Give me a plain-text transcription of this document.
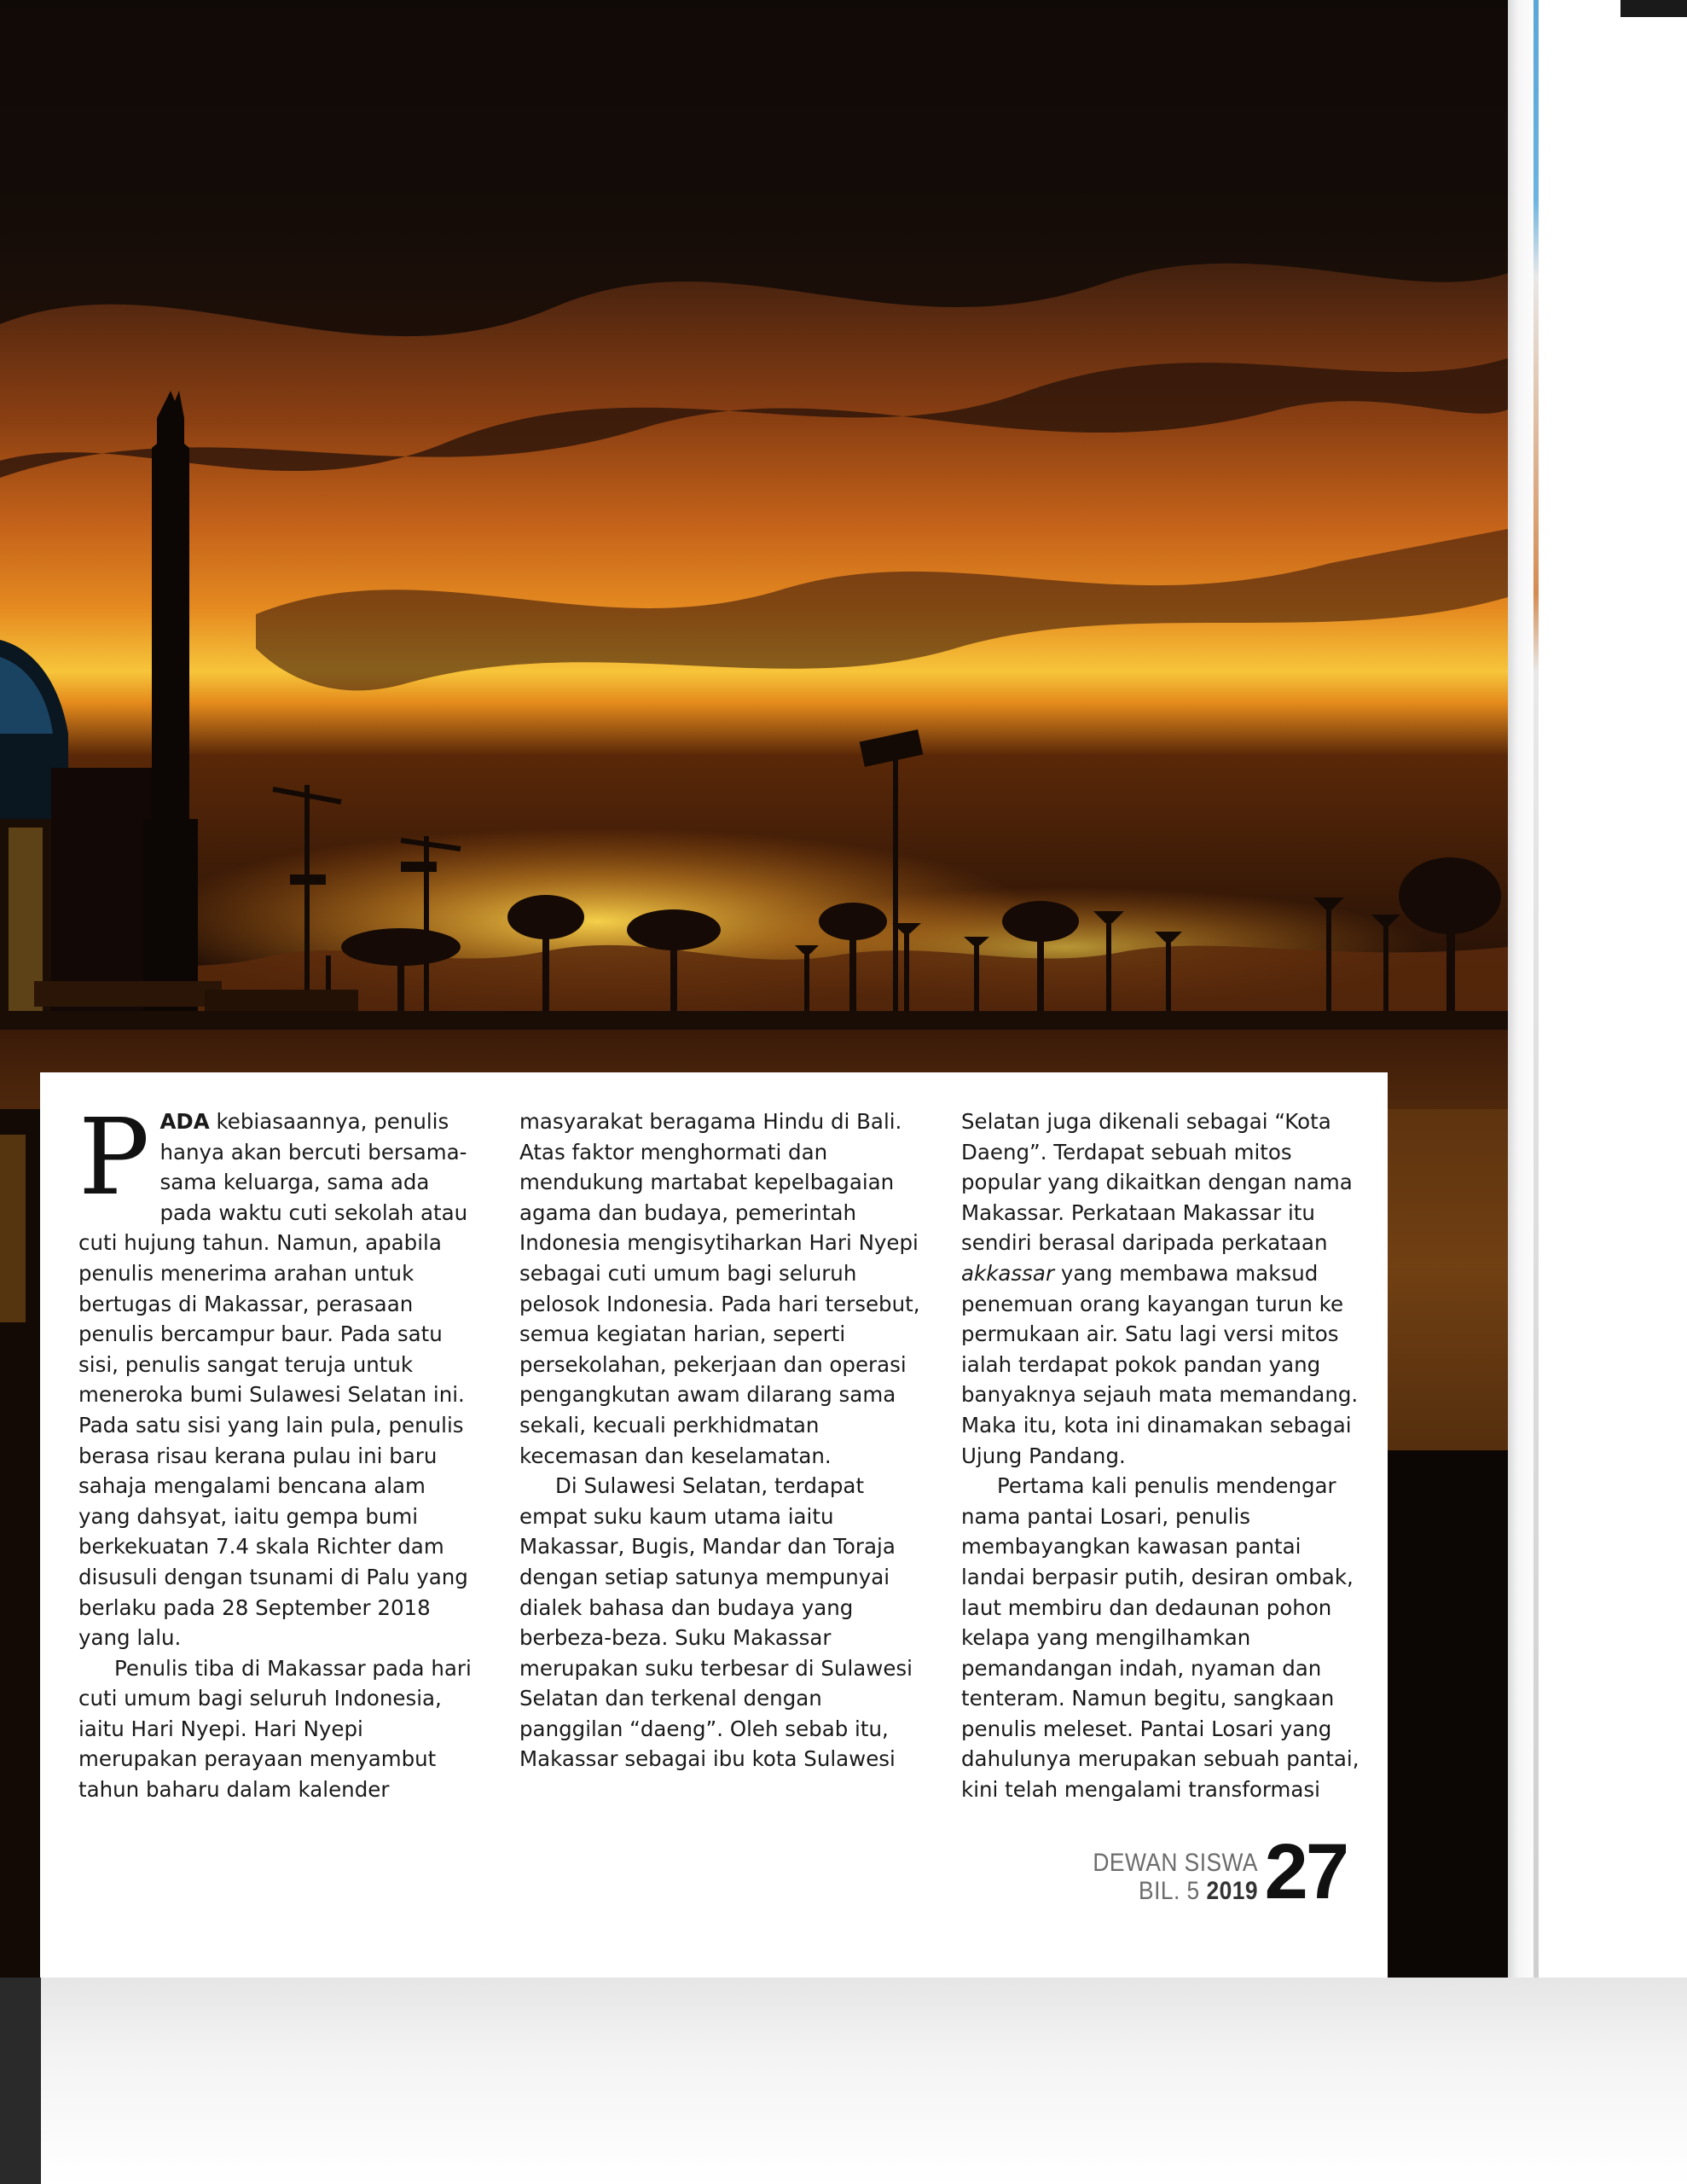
PADA kebiasaannya, penulis hanya akan bercuti bersama-sama keluarga, sama ada pada waktu cuti sekolah atau cuti hujung tahun. Namun, apabila penulis menerima arahan untuk bertugas di Makassar, perasaan penulis bercampur baur. Pada satu sisi, penulis sangat teruja untuk meneroka bumi Sulawesi Selatan ini. Pada satu sisi yang lain pula, penulis berasa risau kerana pulau ini baru sahaja mengalami bencana alam yang dahsyat, iaitu gempa bumi berkekuatan 7.4 skala Richter dam disusuli dengan tsunami di Palu yang berlaku pada 28 September 2018 yang lalu.

Penulis tiba di Makassar pada hari cuti umum bagi seluruh Indonesia, iaitu Hari Nyepi. Hari Nyepi merupakan perayaan menyambut tahun baharu dalam kalender

masyarakat beragama Hindu di Bali. Atas faktor menghormati dan mendukung martabat kepelbagaian agama dan budaya, pemerintah Indonesia mengisytiharkan Hari Nyepi sebagai cuti umum bagi seluruh pelosok Indonesia. Pada hari tersebut, semua kegiatan harian, seperti persekolahan, pekerjaan dan operasi pengangkutan awam dilarang sama sekali, kecuali perkhidmatan kecemasan dan keselamatan.

Di Sulawesi Selatan, terdapat empat suku kaum utama iaitu Makassar, Bugis, Mandar dan Toraja dengan setiap satunya mempunyai dialek bahasa dan budaya yang berbeza-beza. Suku Makassar merupakan suku terbesar di Sulawesi Selatan dan terkenal dengan panggilan “daeng”. Oleh sebab itu, Makassar sebagai ibu kota Sulawesi

Selatan juga dikenali sebagai “Kota Daeng”. Terdapat sebuah mitos popular yang dikaitkan dengan nama Makassar. Perkataan Makassar itu sendiri berasal daripada perkataan akkassar yang membawa maksud penemuan orang kayangan turun ke permukaan air. Satu lagi versi mitos ialah terdapat pokok pandan yang banyaknya sejauh mata memandang. Maka itu, kota ini dinamakan sebagai Ujung Pandang.

Pertama kali penulis mendengar nama pantai Losari, penulis membayangkan kawasan pantai landai berpasir putih, desiran ombak, laut membiru dan dedaunan pohon kelapa yang mengilhamkan pemandangan indah, nyaman dan tenteram. Namun begitu, sangkaan penulis meleset. Pantai Losari yang dahulunya merupakan sebuah pantai, kini telah mengalami transformasi

DEWAN SISWA
BIL. 5 2019 27
